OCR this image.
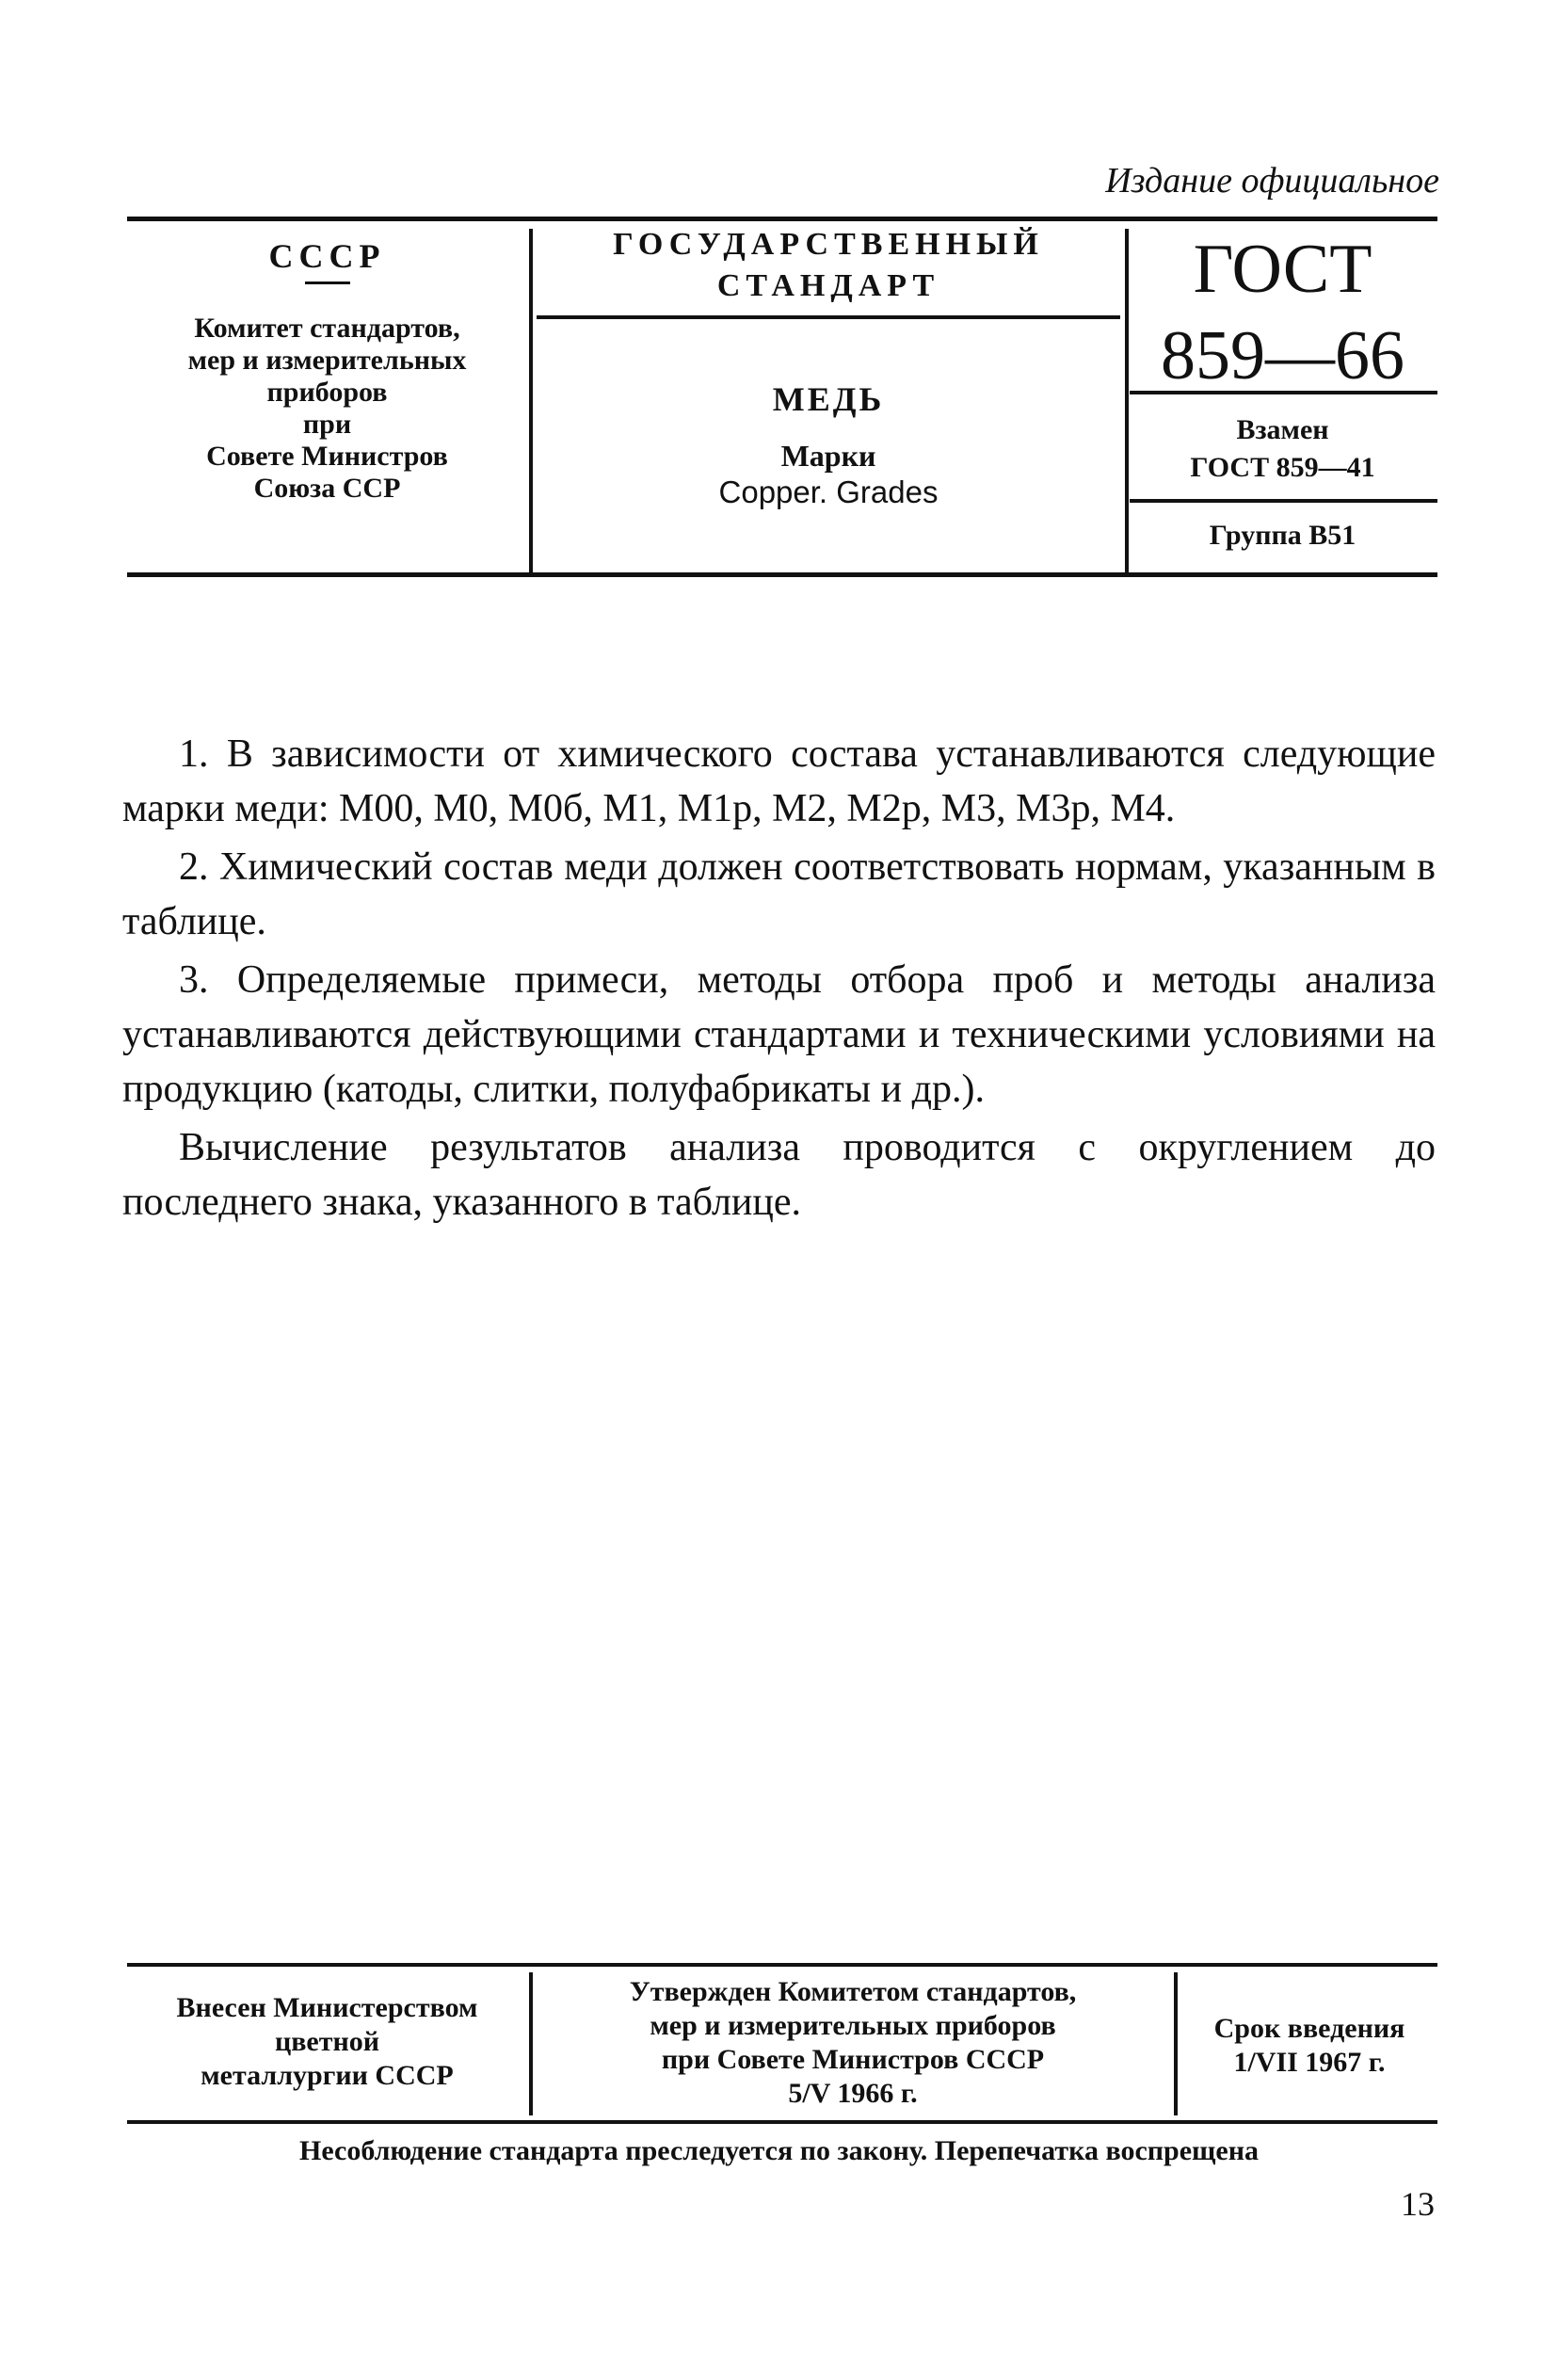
Издание официальное
СССР
Комитет стандартов,
мер и измерительных
приборов
при
Совете Министров
Союза ССР
ГОСУДАРСТВЕННЫЙ
СТАНДАРТ
МЕДЬ
Марки
Copper. Grades
ГОСТ
859—66
Взамен
ГОСТ 859—41
Группа В51

1. В зависимости от химического состава устанавливаются следующие марки меди: М00, М0, М0б, М1, М1р, М2, М2р, М3, М3р, М4.

2. Химический состав меди должен соответствовать нормам, указанным в таблице.

3. Определяемые примеси, методы отбора проб и методы анализа устанавливаются действующими стандартами и техническими условиями на продукцию (катоды, слитки, полуфабрикаты и др.).

Вычисление результатов анализа проводится с округлением до последнего знака, указанного в таблице.

Внесен Министерством
цветной
металлургии СССР
Утвержден Комитетом стандартов,
мер и измерительных приборов
при Совете Министров СССР
5/V 1966 г.
Срок введения
1/VII 1967 г.
Несоблюдение стандарта преследуется по закону. Перепечатка воспрещена
13
